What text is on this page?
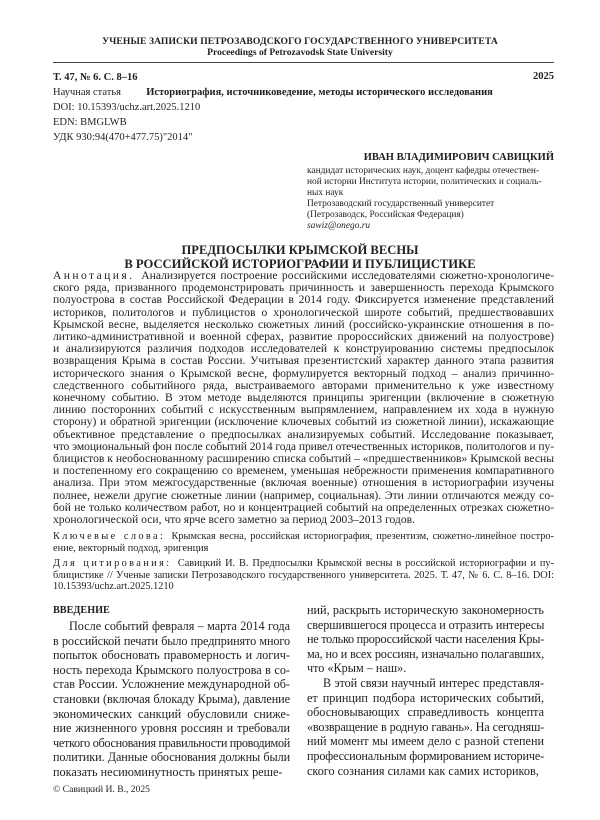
УЧЕНЫЕ ЗАПИСКИ ПЕТРОЗАВОДСКОГО ГОСУДАРСТВЕННОГО УНИВЕРСИТЕТА
Proceedings of Petrozavodsk State University
Т. 47, № 6. С. 8–16	2025
Научная статья Историография, источниковедение, методы исторического исследования
DOI: 10.15393/uchz.art.2025.1210
EDN: BMGLWB
УДК 930:94(470+477.75)"2014"
ИВАН ВЛАДИМИРОВИЧ САВИЦКИЙ
кандидат исторических наук, доцент кафедры отечествен-
ной истории Института истории, политических и социаль-
ных наук
Петрозаводский государственный университет
(Петрозаводск, Российская Федерация)
sawiz@onego.ru
ПРЕДПОСЫЛКИ КРЫМСКОЙ ВЕСНЫ
В РОССИЙСКОЙ ИСТОРИОГРАФИИ И ПУБЛИЦИСТИКЕ
Аннотация. Анализируется построение российскими исследователями сюжетно-хронологиче-
ского ряда, призванного продемонстрировать причинность и завершенность перехода Крымского
полуострова в состав Российской Федерации в 2014 году. Фиксируется изменение представлений
историков, политологов и публицистов о хронологической широте событий, предшествовавших
Крымской весне, выделяется несколько сюжетных линий (российско-украинские отношения в по-
литико-административной и военной сферах, развитие пророссийских движений на полуострове)
и анализируются различия подходов исследователей к конструированию системы предпосылок
возвращения Крыма в состав России. Учитывая презентистский характер данного этапа развития
исторического знания о Крымской весне, формулируется векторный подход – анализ причинно-
следственного событийного ряда, выстраиваемого авторами применительно к уже известному
конечному событию. В этом методе выделяются принципы эригенции (включение в сюжетную
линию посторонних событий с искусственным выпрямлением, направлением их хода в нужную
сторону) и обратной эригенции (исключение ключевых событий из сюжетной линии), искажающие
объективное представление о предпосылках анализируемых событий. Исследование показывает,
что эмоциональный фон после событий 2014 года привел отечественных историков, политологов и пу-
блицистов к необоснованному расширению списка событий – «предшественников» Крымской весны
и постепенному его сокращению со временем, уменьшая небрежности применения компаративного
анализа. При этом межгосударственные (включая военные) отношения в историографии изучены
полнее, нежели другие сюжетные линии (например, социальная). Эти линии отличаются между со-
бой не только количеством работ, но и концентрацией событий на определенных отрезках сюжетно-
хронологической оси, что ярче всего заметно за период 2003–2013 годов.
Ключевые слова: Крымская весна, российская историография, презентизм, сюжетно-линейное постро-
ение, векторный подход, эригенция
Для цитирования: Савицкий И. В. Предпосылки Крымской весны в российской историографии и пу-
блицистике // Ученые записки Петрозаводского государственного университета. 2025. Т. 47, № 6. С. 8–16. DOI:
10.15393/uchz.art.2025.1210
ВВЕДЕНИЕ
После событий февраля – марта 2014 года
в российской печати было предпринято много
попыток обосновать правомерность и логич-
ность перехода Крымского полуострова в со-
став России. Усложнение международной об-
становки (включая блокаду Крыма), давление
экономических санкций обусловили сниже-
ние жизненного уровня россиян и требовали
четкого обоснования правильности проводимой
политики. Данные обоснования должны были
показать несиюминутность принятых реше-
ний, раскрыть историческую закономерность
свершившегося процесса и отразить интересы
не только пророссийской части населения Кры-
ма, но и всех россиян, изначально полагавших,
что «Крым – наш».
В этой связи научный интерес представля-
ет принцип подбора исторических событий,
обосновывающих справедливость концепта
«возвращение в родную гавань». На сегодняш-
ний момент мы имеем дело с разной степени
профессиональным формированием историче-
ского сознания силами как самих историков,
© Савицкий И. В., 2025
